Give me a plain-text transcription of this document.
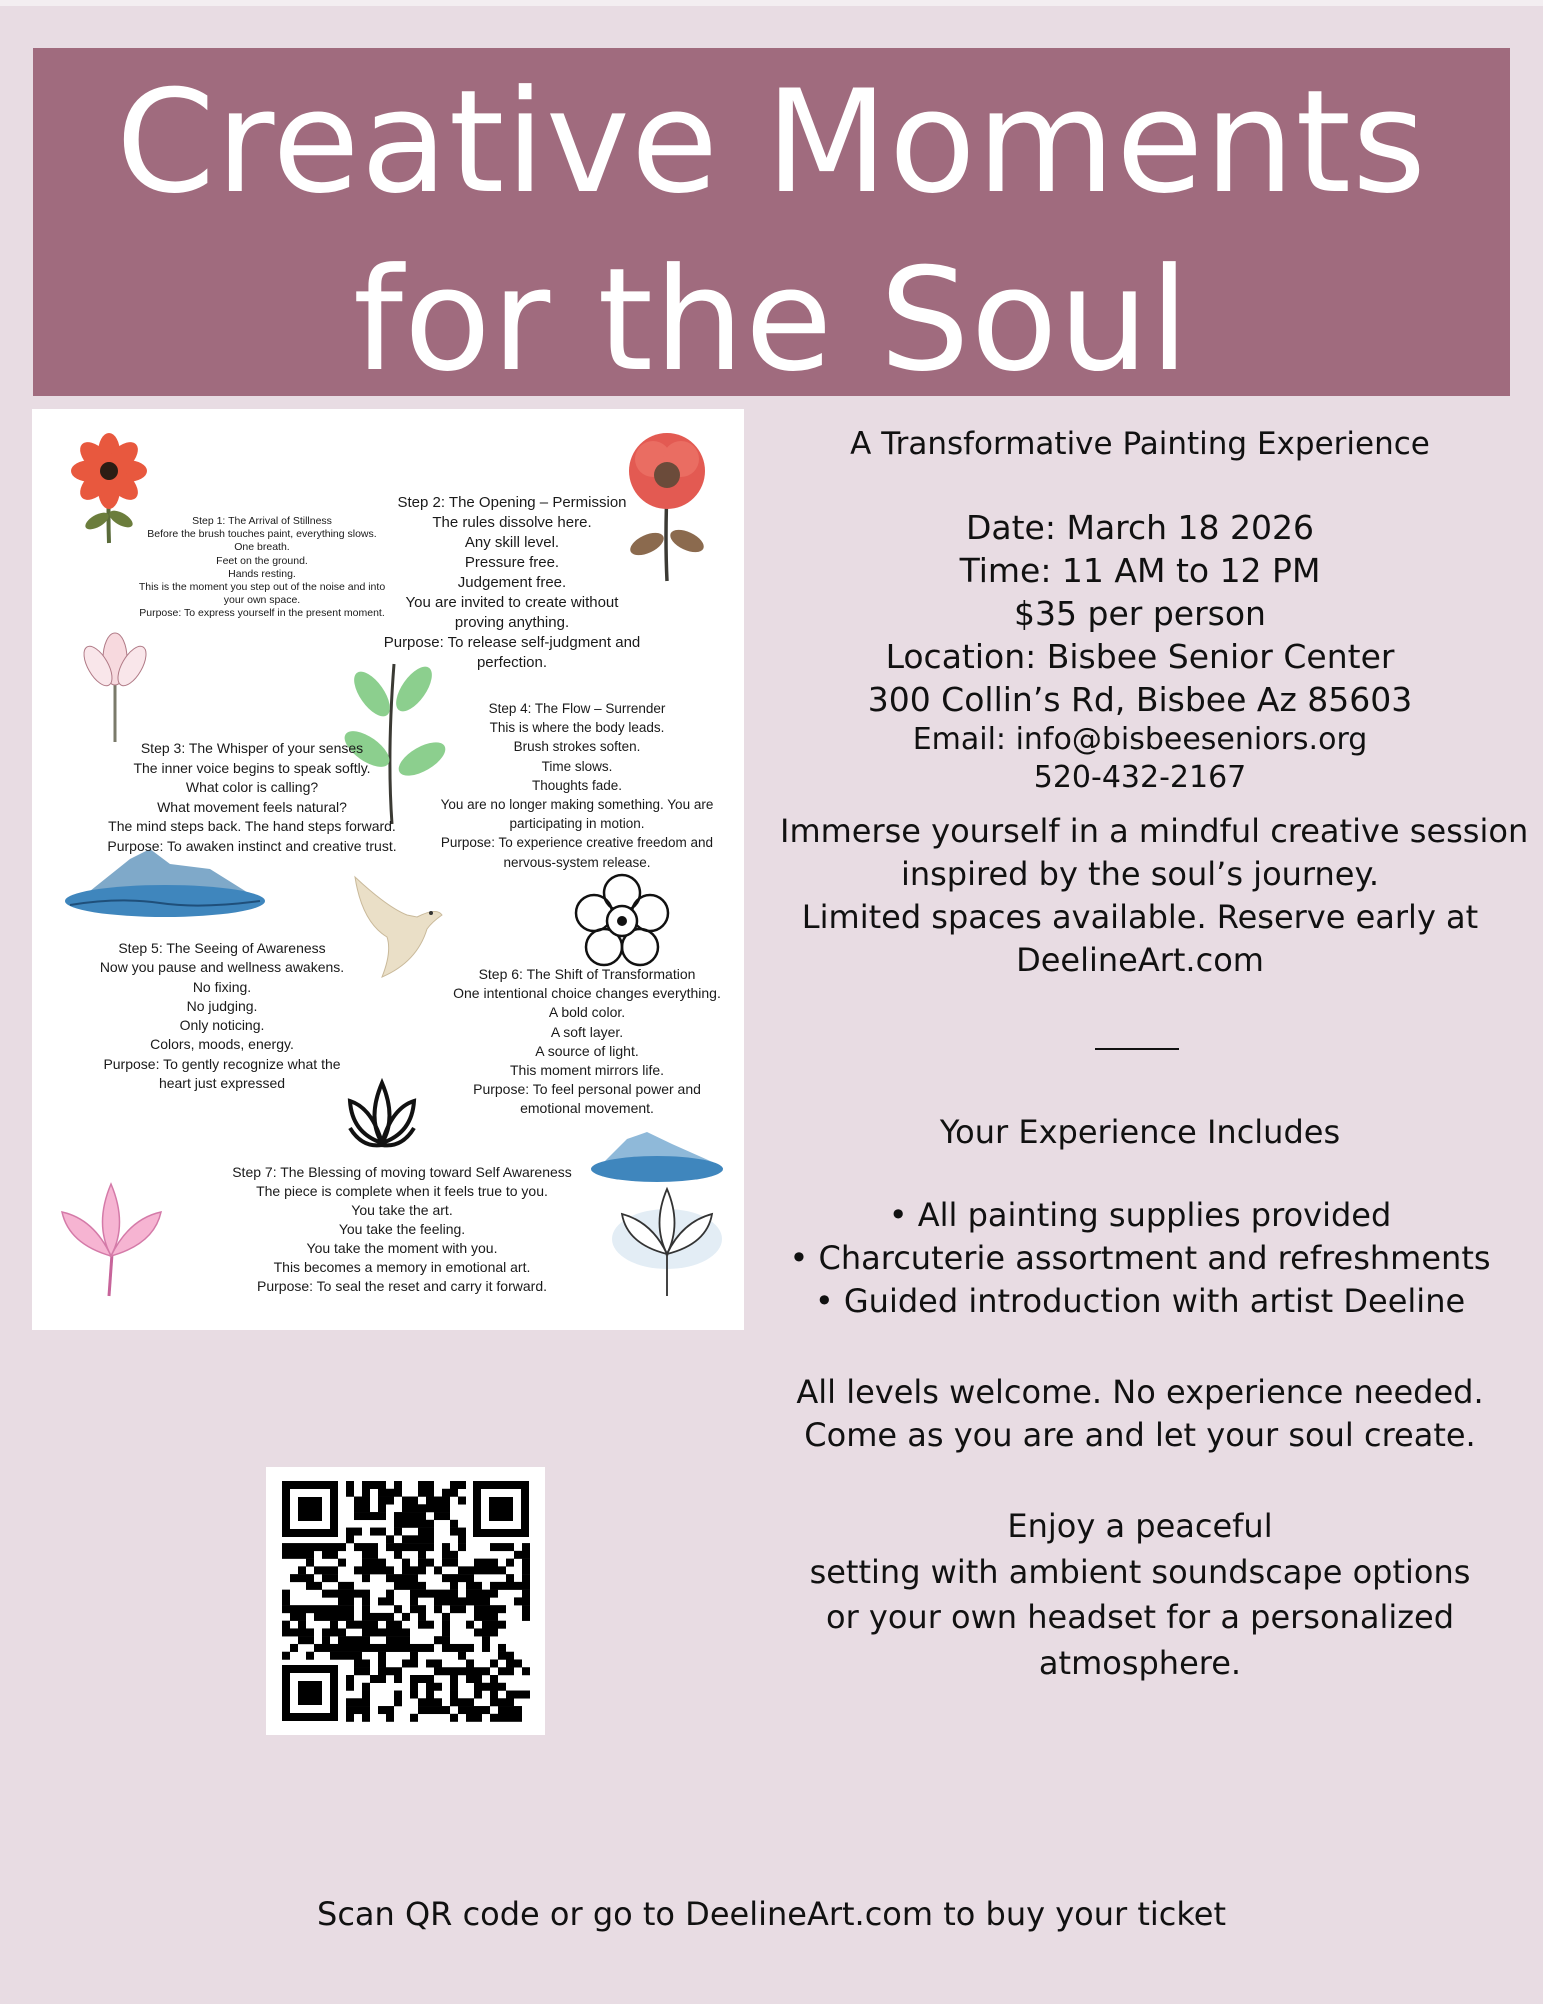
Creative Moments
for the Soul
Step 1: The Arrival of Stillness
Before the brush touches paint, everything slows.
One breath.
Feet on the ground.
Hands resting.
This is the moment you step out of the noise and into
your own space.
Purpose: To express yourself in the present moment.
Step 2: The Opening – Permission
The rules dissolve here.
Any skill level.
Pressure free.
Judgement free.
You are invited to create without
proving anything.
Purpose: To release self-judgment and
perfection.
Step 3: The Whisper of your senses
The inner voice begins to speak softly.
What color is calling?
What movement feels natural?
The mind steps back. The hand steps forward.
Purpose: To awaken instinct and creative trust.
Step 4: The Flow – Surrender
This is where the body leads.
Brush strokes soften.
Time slows.
Thoughts fade.
You are no longer making something. You are
participating in motion.
Purpose: To experience creative freedom and
nervous-system release.
Step 5: The Seeing of Awareness
Now you pause and wellness awakens.
No fixing.
No judging.
Only noticing.
Colors, moods, energy.
Purpose: To gently recognize what the
heart just expressed
Step 6: The Shift of Transformation
One intentional choice changes everything.
A bold color.
A soft layer.
A source of light.
This moment mirrors life.
Purpose: To feel personal power and
emotional movement.
Step 7: The Blessing of moving toward Self Awareness
The piece is complete when it feels true to you.
You take the art.
You take the feeling.
You take the moment with you.
This becomes a memory in emotional art.
Purpose: To seal the reset and carry it forward.
A Transformative Painting Experience
Date: March 18 2026
Time: 11 AM to 12 PM
$35 per person
Location: Bisbee Senior Center
300 Collin’s Rd, Bisbee Az 85603
Email: info@bisbeeseniors.org
520-432-2167
Immerse yourself in a mindful creative session
inspired by the soul’s journey.
Limited spaces available. Reserve early at
DeelineArt.com
Your Experience Includes
• All painting supplies provided
• Charcuterie assortment and refreshments
• Guided introduction with artist Deeline
All levels welcome. No experience needed.
Come as you are and let your soul create.
Enjoy a peaceful
setting with ambient soundscape options
or your own headset for a personalized
atmosphere.
Scan QR code or go to DeelineArt.com to buy your ticket
